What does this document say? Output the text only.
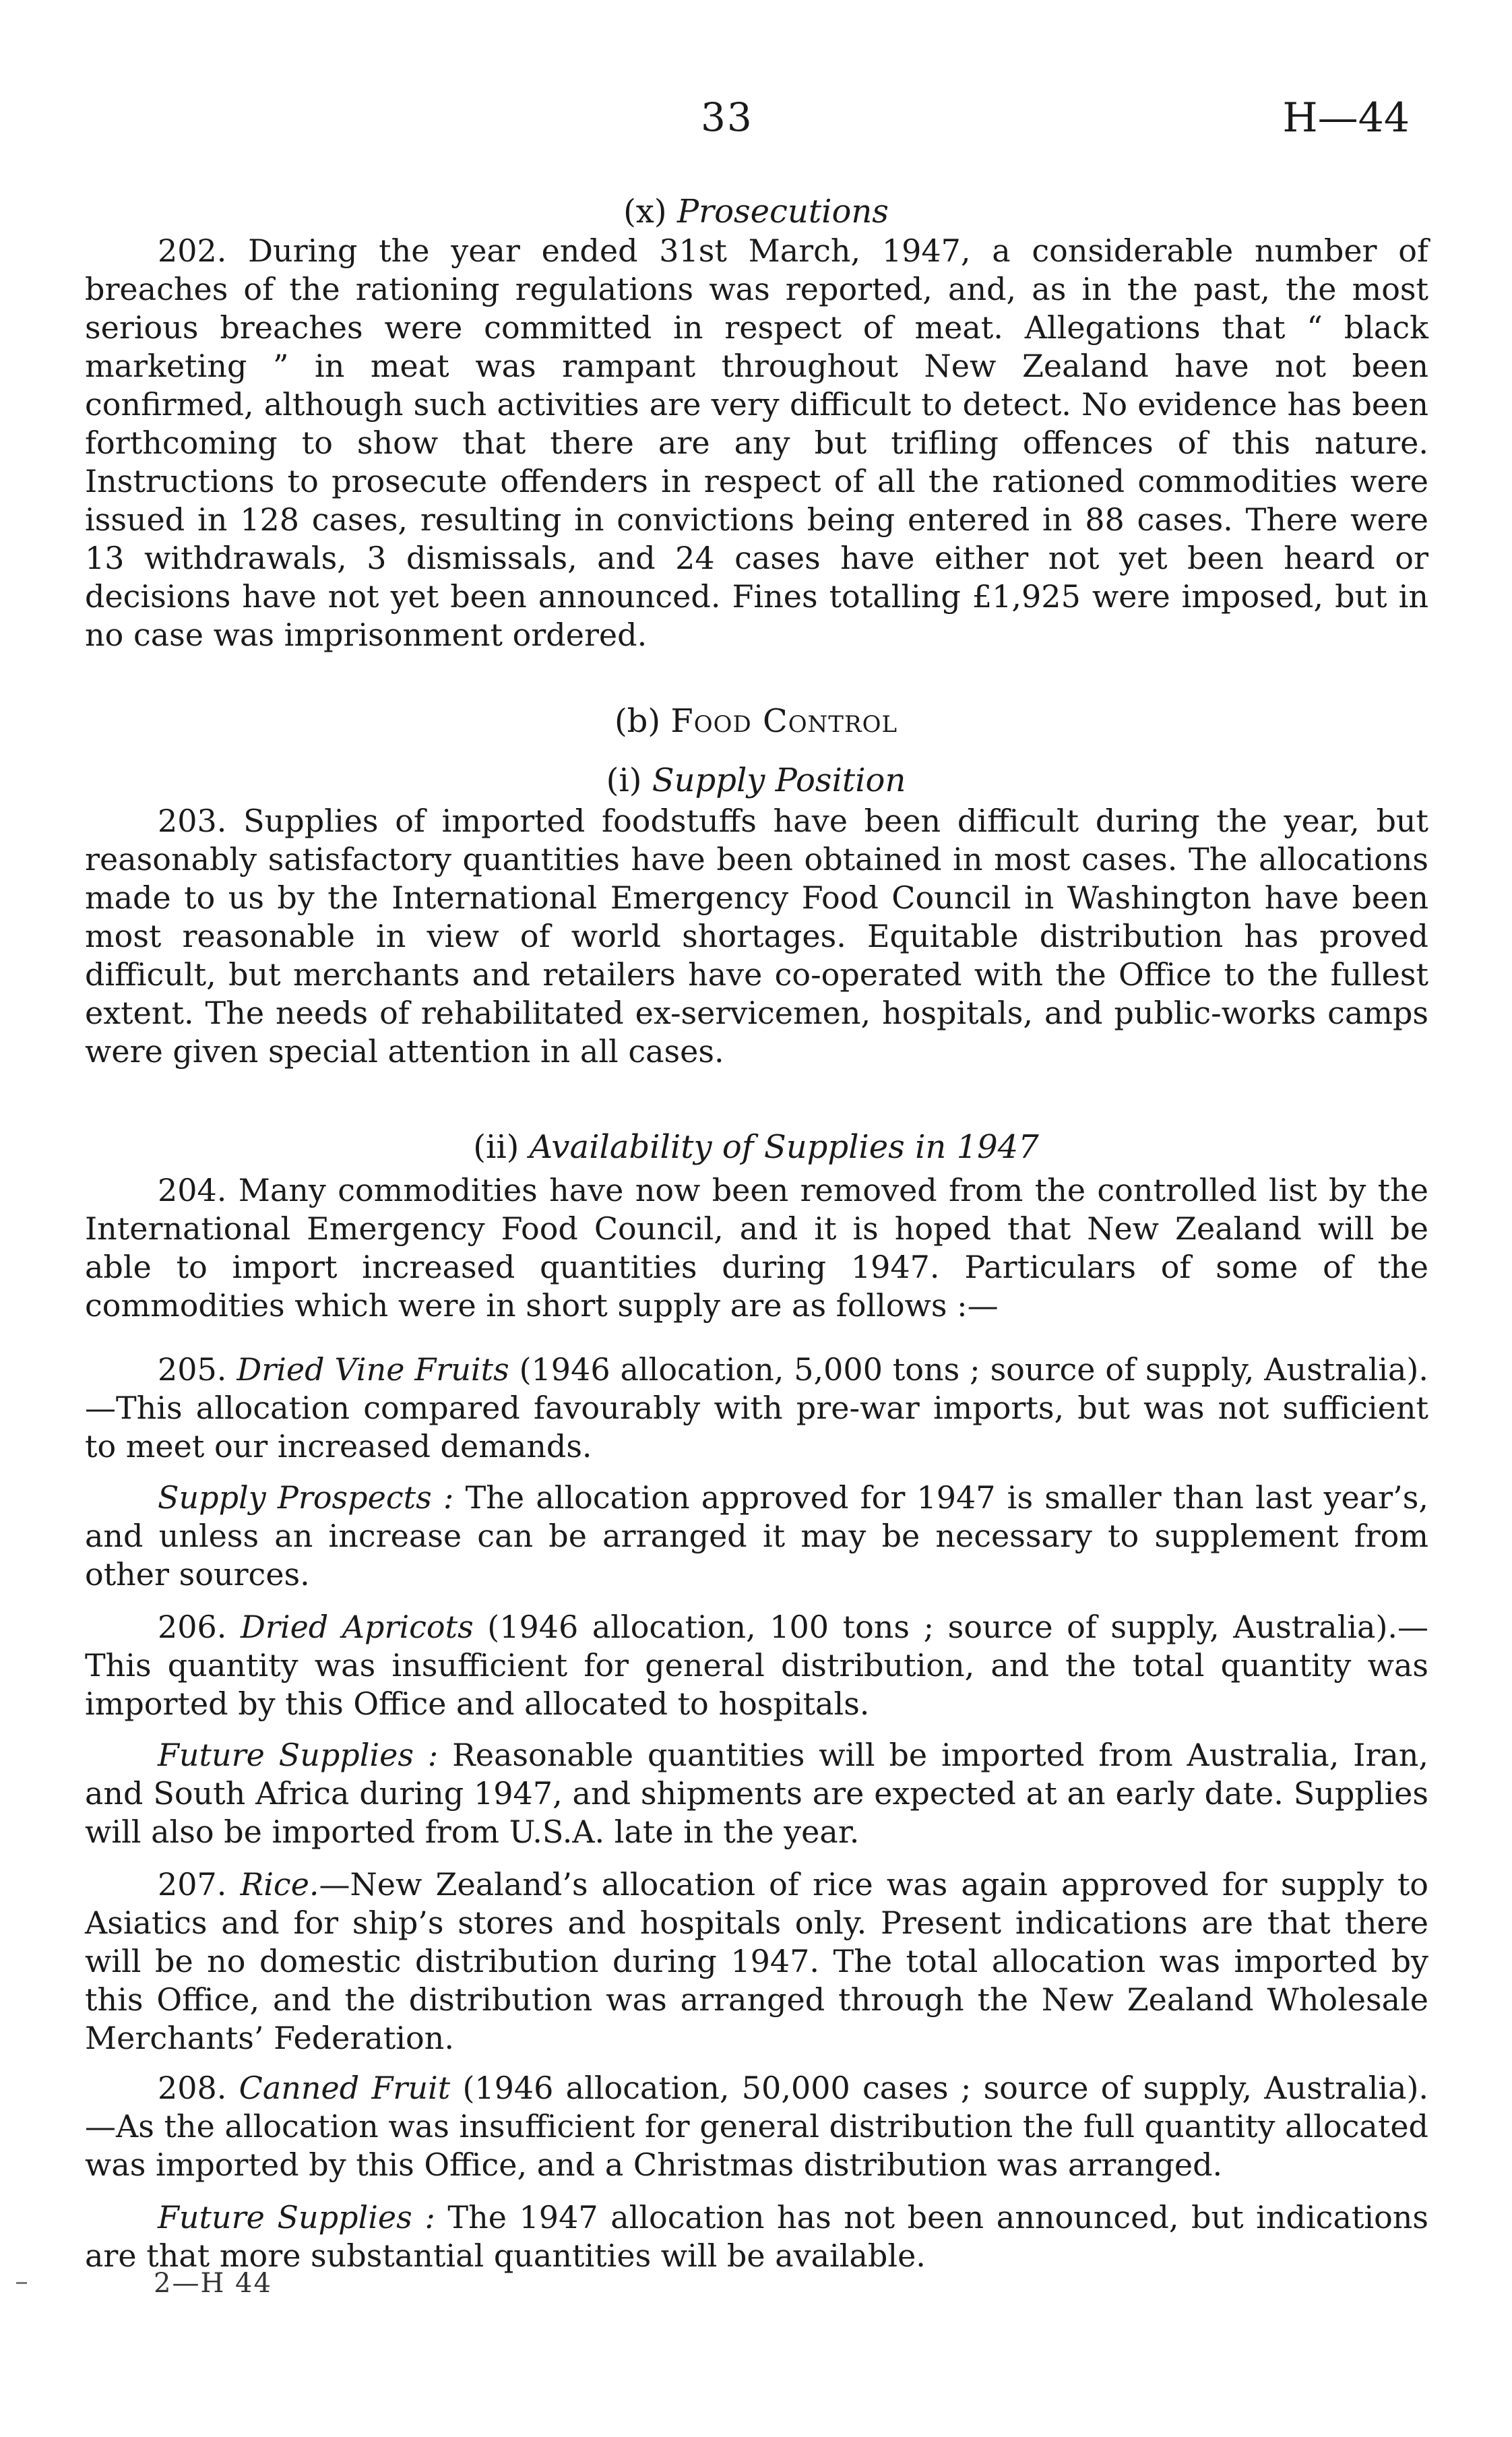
33	H—44
(x) Prosecutions
202. During the year ended 31st March, 1947, a considerable number of breaches of the rationing regulations was reported, and, as in the past, the most serious breaches were committed in respect of meat. Allegations that “ black marketing ” in meat was rampant throughout New Zealand have not been confirmed, although such activities are very difficult to detect. No evidence has been forthcoming to show that there are any but trifling offences of this nature. Instructions to prosecute offenders in respect of all the rationed commodities were issued in 128 cases, resulting in convictions being entered in 88 cases. There were 13 withdrawals, 3 dismissals, and 24 cases have either not yet been heard or decisions have not yet been announced. Fines totalling £1,925 were imposed, but in no case was imprisonment ordered.
(b) Food Control
(i) Supply Position
203. Supplies of imported foodstuffs have been difficult during the year, but reasonably satisfactory quantities have been obtained in most cases. The allocations made to us by the International Emergency Food Council in Washington have been most reasonable in view of world shortages. Equitable distribution has proved difficult, but merchants and retailers have co-operated with the Office to the fullest extent. The needs of rehabilitated ex-servicemen, hospitals, and public-works camps were given special attention in all cases.
(ii) Availability of Supplies in 1947
204. Many commodities have now been removed from the controlled list by the International Emergency Food Council, and it is hoped that New Zealand will be able to import increased quantities during 1947. Particulars of some of the commodities which were in short supply are as follows :—
205. Dried Vine Fruits (1946 allocation, 5,000 tons ; source of supply, Australia).—This allocation compared favourably with pre-war imports, but was not sufficient to meet our increased demands.
Supply Prospects : The allocation approved for 1947 is smaller than last year’s, and unless an increase can be arranged it may be necessary to supplement from other sources.
206. Dried Apricots (1946 allocation, 100 tons ; source of supply, Australia).—This quantity was insufficient for general distribution, and the total quantity was imported by this Office and allocated to hospitals.
Future Supplies : Reasonable quantities will be imported from Australia, Iran, and South Africa during 1947, and shipments are expected at an early date. Supplies will also be imported from U.S.A. late in the year.
207. Rice.—New Zealand’s allocation of rice was again approved for supply to Asiatics and for ship’s stores and hospitals only. Present indications are that there will be no domestic distribution during 1947. The total allocation was imported by this Office, and the distribution was arranged through the New Zealand Wholesale Merchants’ Federation.
208. Canned Fruit (1946 allocation, 50,000 cases ; source of supply, Australia).—As the allocation was insufficient for general distribution the full quantity allocated was imported by this Office, and a Christmas distribution was arranged.
Future Supplies : The 1947 allocation has not been announced, but indications are that more substantial quantities will be available.
2—H 44
